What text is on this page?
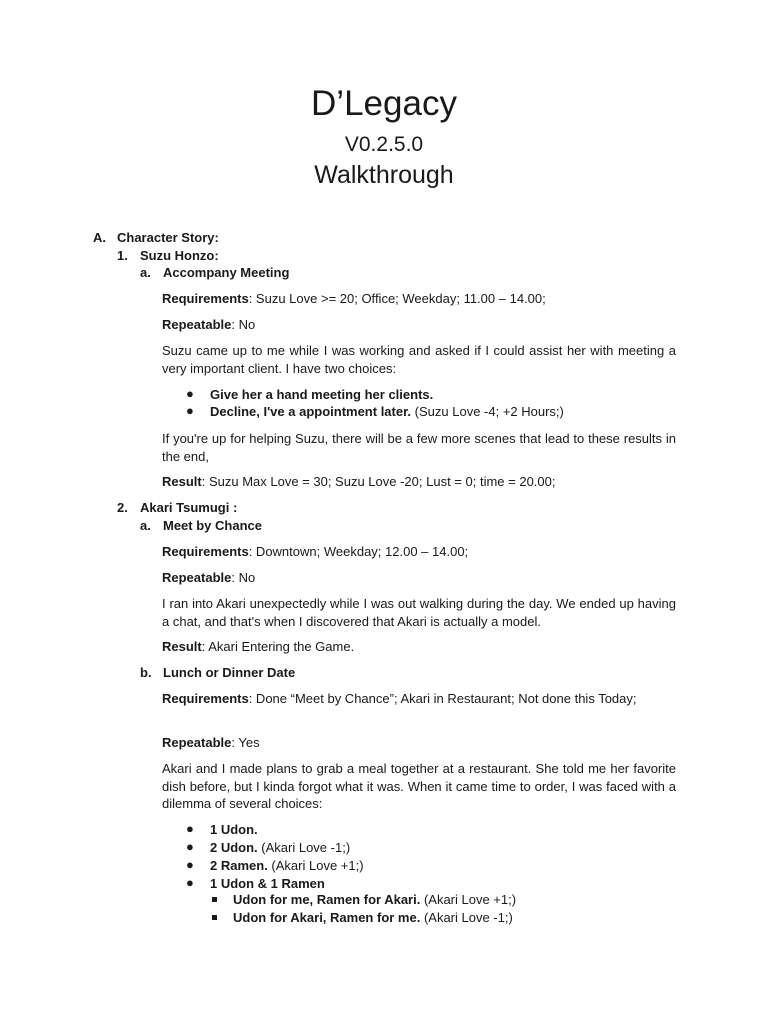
D’Legacy
V0.2.5.0
Walkthrough
A. Character Story:
1. Suzu Honzo:
a. Accompany Meeting
Requirements: Suzu Love >= 20; Office; Weekday; 11.00 – 14.00;
Repeatable: No
Suzu came up to me while I was working and asked if I could assist her with meeting a very important client. I have two choices:
● Give her a hand meeting her clients.
● Decline, I've a appointment later. (Suzu Love -4; +2 Hours;)
If you're up for helping Suzu, there will be a few more scenes that lead to these results in the end,
Result: Suzu Max Love = 30; Suzu Love -20; Lust = 0; time = 20.00;
2. Akari Tsumugi :
a. Meet by Chance
Requirements: Downtown; Weekday; 12.00 – 14.00;
Repeatable: No
I ran into Akari unexpectedly while I was out walking during the day. We ended up having a chat, and that's when I discovered that Akari is actually a model.
Result: Akari Entering the Game.
b. Lunch or Dinner Date
Requirements: Done “Meet by Chance”; Akari in Restaurant; Not done this Today;
Repeatable: Yes
Akari and I made plans to grab a meal together at a restaurant. She told me her favorite dish before, but I kinda forgot what it was. When it came time to order, I was faced with a dilemma of several choices:
● 1 Udon.
● 2 Udon. (Akari Love -1;)
● 2 Ramen. (Akari Love +1;)
● 1 Udon & 1 Ramen
Udon for me, Ramen for Akari. (Akari Love +1;)
Udon for Akari, Ramen for me. (Akari Love -1;)
